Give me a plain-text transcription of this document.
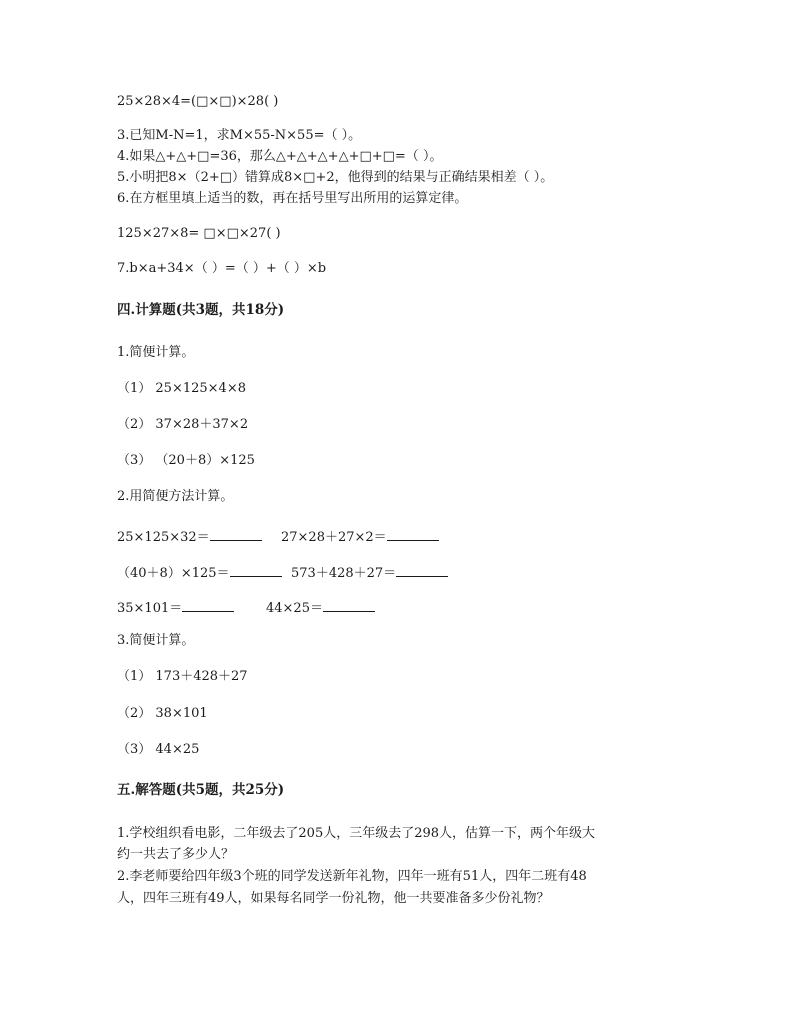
25×28×4=(□×□)×28( )
3.已知M-N=1，求M×55-N×55=（ ）。
4.如果△+△+□=36，那么△+△+△+△+□+□=（ ）。
5.小明把8×（2+□）错算成8×□+2，他得到的结果与正确结果相差（ ）。
6.在方框里填上适当的数，再在括号里写出所用的运算定律。
125×27×8= □×□×27( )
7.b×a+34×（ ）=（ ）+（ ）×b
四.计算题(共3题，共18分)
1.简便计算。
（1） 25×125×4×8
（2） 37×28＋37×2
（3） （20＋8）×125
2.用简便方法计算。
25×125×32＝	27×28＋27×2＝
（40＋8）×125＝	573＋428＋27＝
35×101＝	44×25＝
3.简便计算。
（1） 173＋428＋27
（2） 38×101
（3） 44×25
五.解答题(共5题，共25分)
1.学校组织看电影，二年级去了205人，三年级去了298人，估算一下，两个年级大
约一共去了多少人？
2.李老师要给四年级3个班的同学发送新年礼物，四年一班有51人，四年二班有48
人，四年三班有49人，如果每名同学一份礼物，他一共要准备多少份礼物？
